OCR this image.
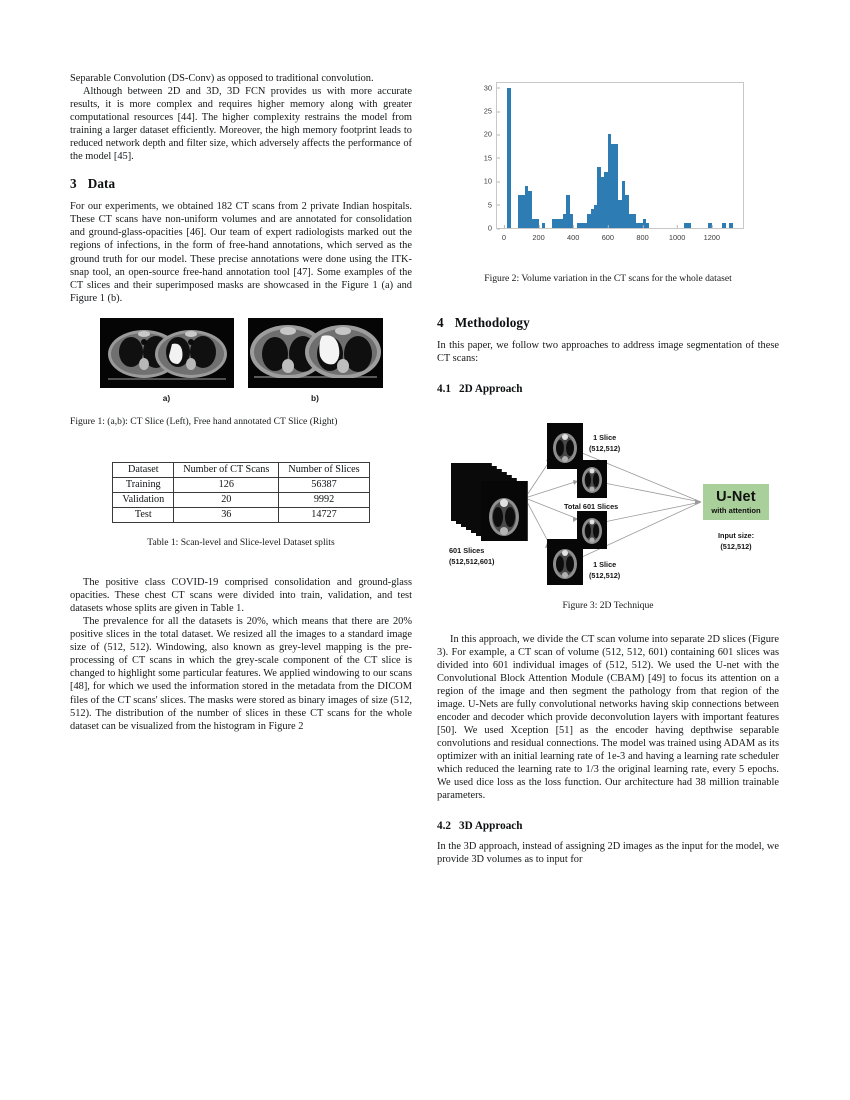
Separable Convolution (DS-Conv) as opposed to traditional convolution.

Although between 2D and 3D, 3D FCN provides us with more accurate results, it is more complex and requires higher memory along with greater computational resources [44]. The higher complexity restrains the model from training a larger dataset efficiently. Moreover, the high memory footprint leads to reduced network depth and filter size, which adversely affects the performance of the model [45].

3 Data

For our experiments, we obtained 182 CT scans from 2 private Indian hospitals. These CT scans have non-uniform volumes and are annotated for consolidation and ground-glass-opacities [46]. Our team of expert radiologists marked out the regions of infections, in the form of free-hand annotations, which served as the ground truth for our model. These precise annotations were done using the ITK-snap tool, an open-source free-hand annotation tool [47]. Some examples of the CT slices and their superimposed masks are showcased in the Figure 1 (a) and Figure 1 (b).

a)	b)

Figure 1: (a,b): CT Slice (Left), Free hand annotated CT Slice (Right)

Dataset	Number of CT Scans	Number of Slices
Training	126	56387
Validation	20	9992
Test	36	14727

Table 1: Scan-level and Slice-level Dataset splits

The positive class COVID-19 comprised consolidation and ground-glass opacities. These chest CT scans were divided into train, validation, and test datasets whose splits are given in Table 1.

The prevalence for all the datasets is 20%, which means that there are 20% positive slices in the total dataset. We resized all the images to a standard image size of (512, 512). Windowing, also known as grey-level mapping is the pre-processing of CT scans in which the grey-scale component of the CT slice is changed to highlight some particular features. We applied windowing to our scans [48], for which we used the information stored in the metadata from the DICOM files of the CT scans' slices. The masks were stored as binary images of size (512, 512). The distribution of the number of slices in these CT scans for the whole dataset can be visualized from the histogram in Figure 2

0
5
10
15
20
25
30
0	200	400	600	800	1000 1200

Figure 2: Volume variation in the CT scans for the whole dataset

4 Methodology

In this paper, we follow two approaches to address image segmentation of these CT scans:

4.1 2D Approach
601 Slices
(512,512,601)
1 Slice
(512,512)
Total 601 Slices
1 Slice
(512,512)
U-Net
with attention
Input size:
(512,512)

Figure 3: 2D Technique

In this approach, we divide the CT scan volume into separate 2D slices (Figure 3). For example, a CT scan of volume (512, 512, 601) containing 601 slices was divided into 601 individual images of (512, 512). We used the U-net with the Convolutional Block Attention Module (CBAM) [49] to focus its attention on a region of the image and then segment the pathology from that region of the image. U-Nets are fully convolutional networks having skip connections between encoder and decoder which provide deconvolution layers with important features [50]. We used Xception [51] as the encoder having depthwise separable convolutions and residual connections. The model was trained using ADAM as its optimizer with an initial learning rate of 1e-3 and having a learning rate scheduler which reduced the learning rate to 1/3 the original learning rate, every 5 epochs. We used dice loss as the loss function. Our architecture had 38 million trainable parameters.

4.2 3D Approach

In the 3D approach, instead of assigning 2D images as the input for the model, we provide 3D volumes as to input for
